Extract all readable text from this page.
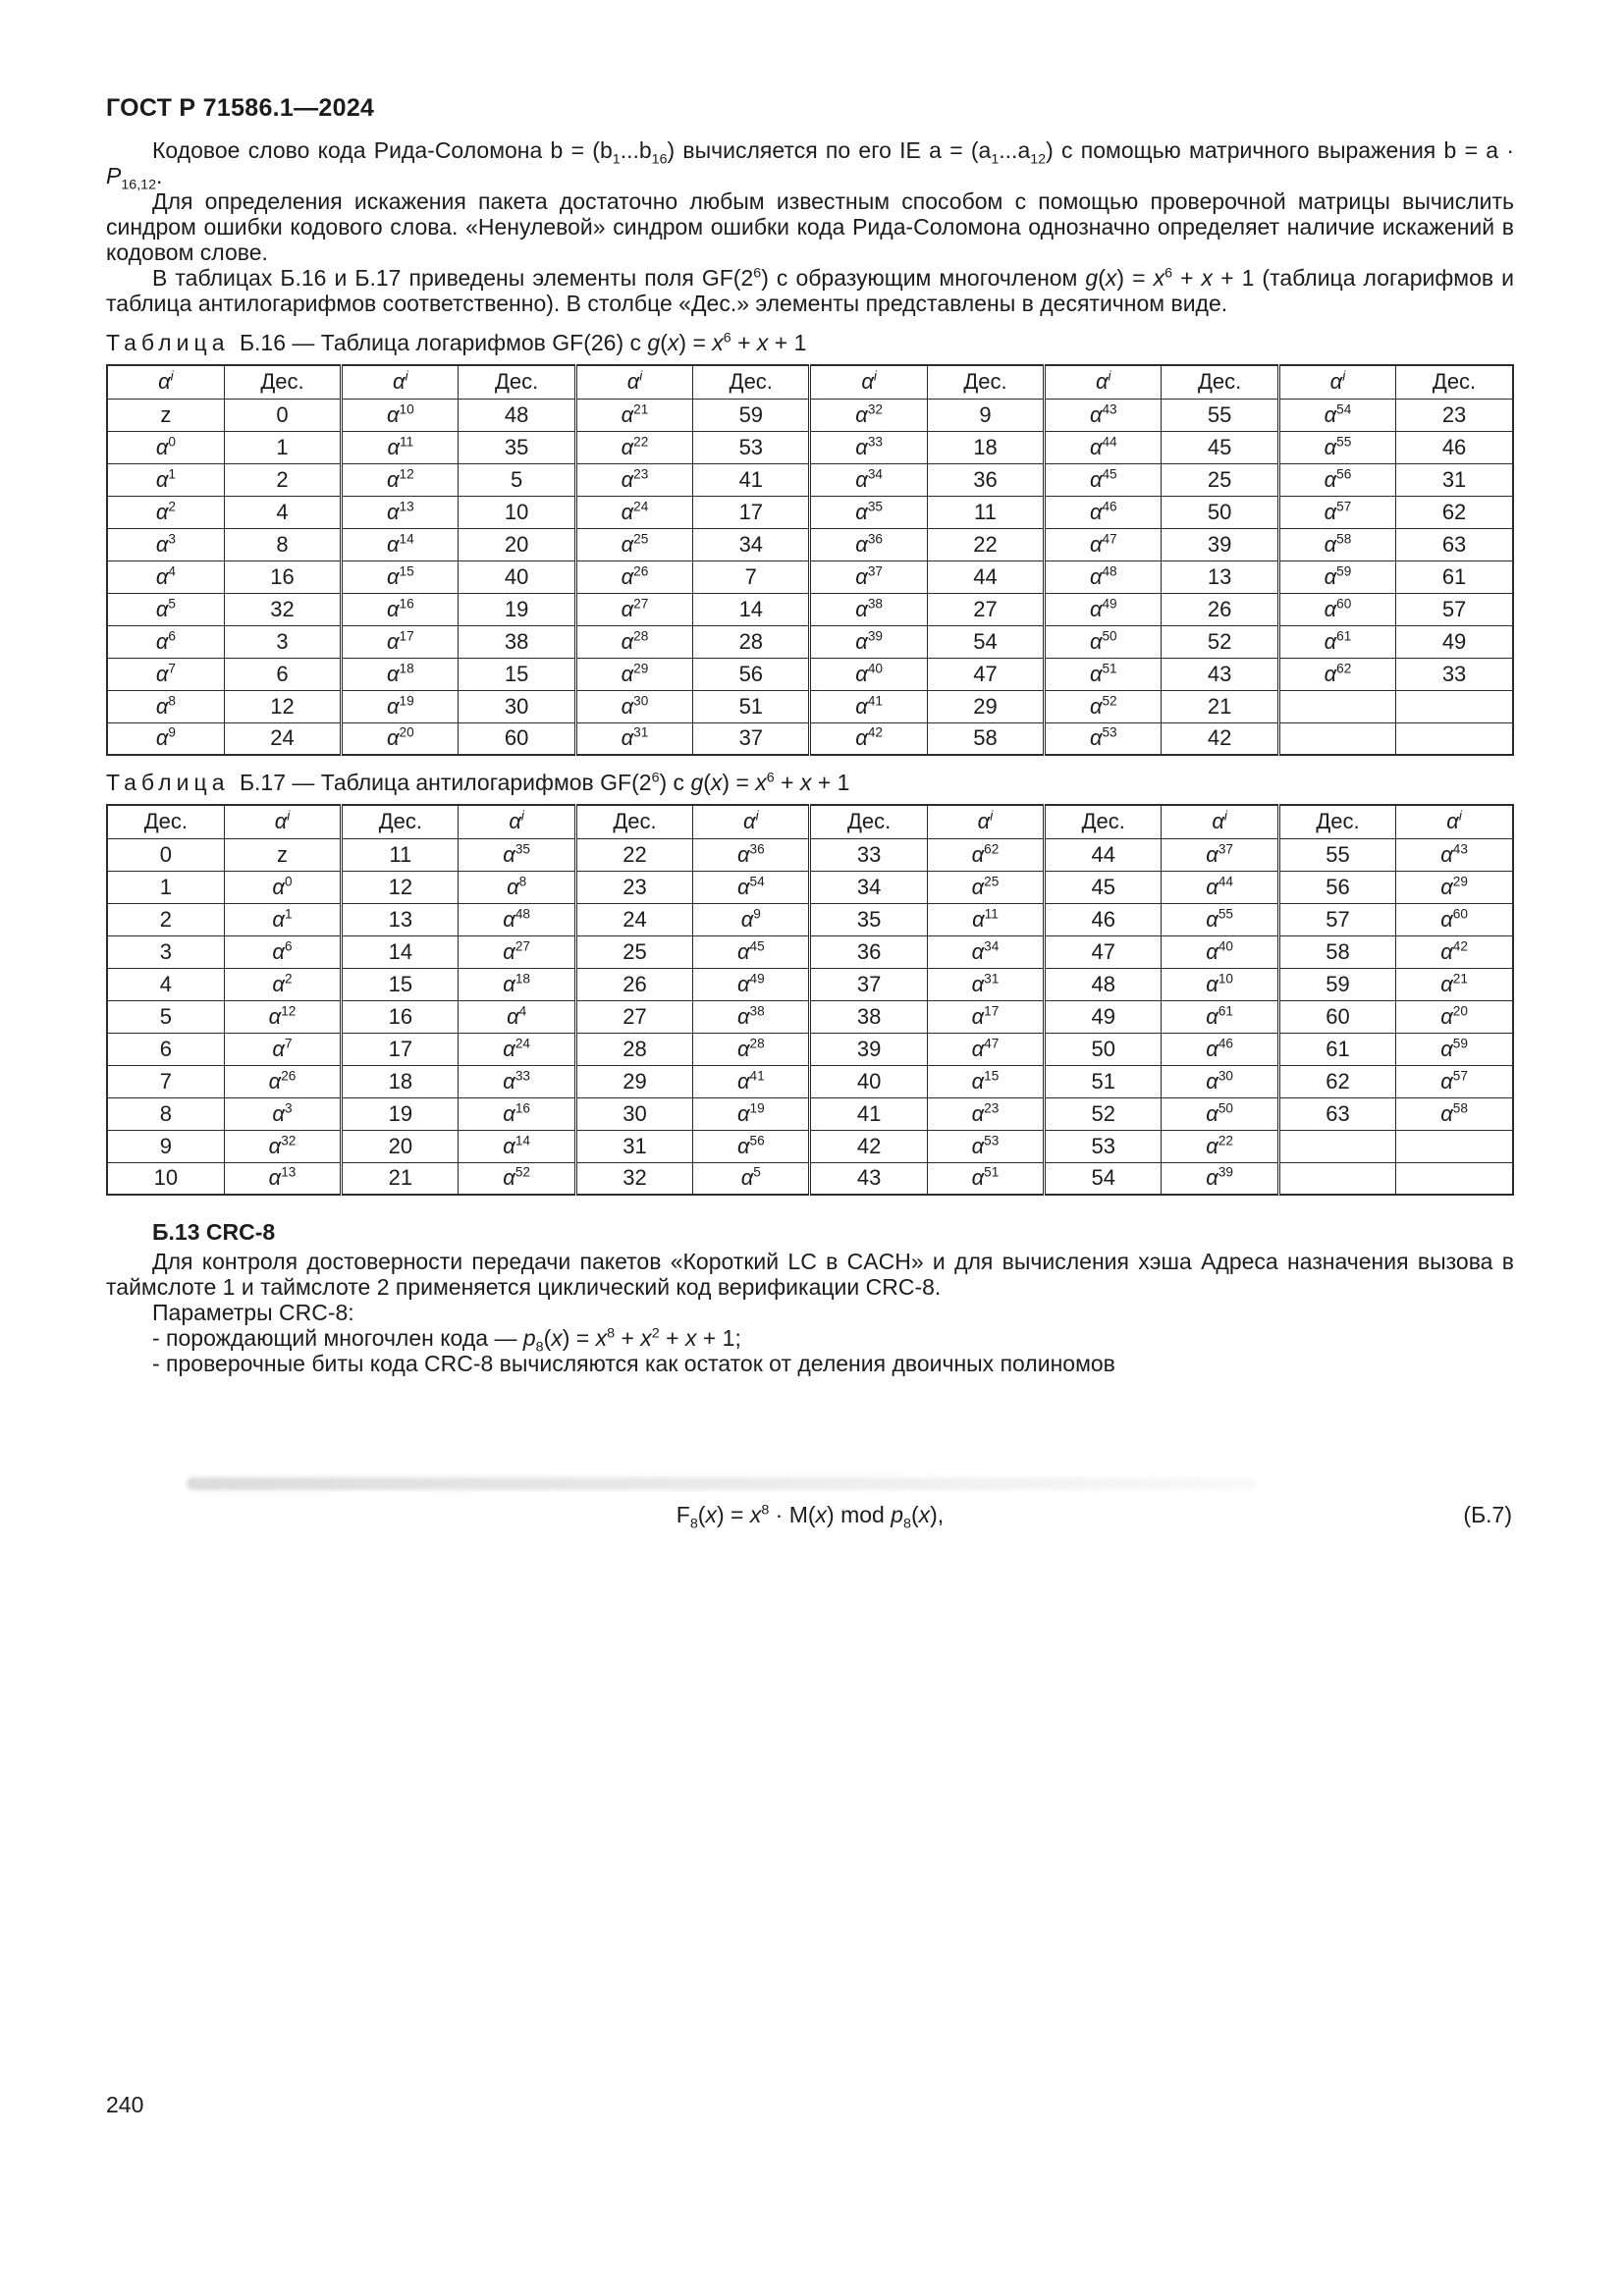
ГОСТ Р 71586.1—2024

Кодовое слово кода Рида-Соломона $b = (b_1...b_{16})$ вычисляется по его IE $a = (a_1...a_{12})$ с помощью матричного выражения $b = a \cdot P_{16,12}$.

Для определения искажения пакета достаточно любым известным способом с помощью проверочной матрицы вычислить синдром ошибки кодового слова. «Ненулевой» синдром ошибки кода Рида-Соломона однозначно определяет наличие искажений в кодовом слове.

В таблицах Б.16 и Б.17 приведены элементы поля $GF(2^6)$ с образующим многочленом $g(x) = x^6 + x + 1$ (таблица логарифмов и таблица антилогарифмов соответственно). В столбце «Дес.» элементы представлены в десятичном виде.

Таблица Б.16 — Таблица логарифмов GF(26) с $g(x) = x^6 + x + 1$

$\alpha^i$	Дес.	$\alpha^i$	Дес.	$\alpha^i$	Дес.	$\alpha^i$	Дес.	$\alpha^i$	Дес.	$\alpha^i$	Дес.
z	0	$\alpha^{10}$	48	$\alpha^{21}$	59	$\alpha^{32}$	9	$\alpha^{43}$	55	$\alpha^{54}$	23
$\alpha^0$	1	$\alpha^{11}$	35	$\alpha^{22}$	53	$\alpha^{33}$	18	$\alpha^{44}$	45	$\alpha^{55}$	46
$\alpha^1$	2	$\alpha^{12}$	5	$\alpha^{23}$	41	$\alpha^{34}$	36	$\alpha^{45}$	25	$\alpha^{56}$	31
$\alpha^2$	4	$\alpha^{13}$	10	$\alpha^{24}$	17	$\alpha^{35}$	11	$\alpha^{46}$	50	$\alpha^{57}$	62
$\alpha^3$	8	$\alpha^{14}$	20	$\alpha^{25}$	34	$\alpha^{36}$	22	$\alpha^{47}$	39	$\alpha^{58}$	63
$\alpha^4$	16	$\alpha^{15}$	40	$\alpha^{26}$	7	$\alpha^{37}$	44	$\alpha^{48}$	13	$\alpha^{59}$	61
$\alpha^5$	32	$\alpha^{16}$	19	$\alpha^{27}$	14	$\alpha^{38}$	27	$\alpha^{49}$	26	$\alpha^{60}$	57
$\alpha^6$	3	$\alpha^{17}$	38	$\alpha^{28}$	28	$\alpha^{39}$	54	$\alpha^{50}$	52	$\alpha^{61}$	49
$\alpha^7$	6	$\alpha^{18}$	15	$\alpha^{29}$	56	$\alpha^{40}$	47	$\alpha^{51}$	43	$\alpha^{62}$	33
$\alpha^8$	12	$\alpha^{19}$	30	$\alpha^{30}$	51	$\alpha^{41}$	29	$\alpha^{52}$	21		
$\alpha^9$	24	$\alpha^{20}$	60	$\alpha^{31}$	37	$\alpha^{42}$	58	$\alpha^{53}$	42		

Таблица Б.17 — Таблица антилогарифмов $GF(2^6)$ с $g(x) = x^6 + x + 1$

Дес.	$\alpha^i$	Дес.	$\alpha^i$	Дес.	$\alpha^i$	Дес.	$\alpha^i$	Дес.	$\alpha^i$	Дес.	$\alpha^i$
0	z	11	$\alpha^{35}$	22	$\alpha^{36}$	33	$\alpha^{62}$	44	$\alpha^{37}$	55	$\alpha^{43}$
1	$\alpha^0$	12	$\alpha^8$	23	$\alpha^{54}$	34	$\alpha^{25}$	45	$\alpha^{44}$	56	$\alpha^{29}$
2	$\alpha^1$	13	$\alpha^{48}$	24	$\alpha^9$	35	$\alpha^{11}$	46	$\alpha^{55}$	57	$\alpha^{60}$
3	$\alpha^6$	14	$\alpha^{27}$	25	$\alpha^{45}$	36	$\alpha^{34}$	47	$\alpha^{40}$	58	$\alpha^{42}$
4	$\alpha^2$	15	$\alpha^{18}$	26	$\alpha^{49}$	37	$\alpha^{31}$	48	$\alpha^{10}$	59	$\alpha^{21}$
5	$\alpha^{12}$	16	$\alpha^4$	27	$\alpha^{38}$	38	$\alpha^{17}$	49	$\alpha^{61}$	60	$\alpha^{20}$
6	$\alpha^7$	17	$\alpha^{24}$	28	$\alpha^{28}$	39	$\alpha^{47}$	50	$\alpha^{46}$	61	$\alpha^{59}$
7	$\alpha^{26}$	18	$\alpha^{33}$	29	$\alpha^{41}$	40	$\alpha^{15}$	51	$\alpha^{30}$	62	$\alpha^{57}$
8	$\alpha^3$	19	$\alpha^{16}$	30	$\alpha^{19}$	41	$\alpha^{23}$	52	$\alpha^{50}$	63	$\alpha^{58}$
9	$\alpha^{32}$	20	$\alpha^{14}$	31	$\alpha^{56}$	42	$\alpha^{53}$	53	$\alpha^{22}$		
10	$\alpha^{13}$	21	$\alpha^{52}$	32	$\alpha^5$	43	$\alpha^{51}$	54	$\alpha^{39}$		
Б.13 CRC-8

Для контроля достоверности передачи пакетов «Короткий LC в CACH» и для вычисления хэша Адреса назначения вызова в таймслоте 1 и таймслоте 2 применяется циклический код верификации CRC-8.

Параметры CRC-8:

- порождающий многочлен кода — $p_8(x) = x^8 + x^2 + x + 1$;

- проверочные биты кода CRC-8 вычисляются как остаток от деления двоичных полиномов

$F_8(x) = x^8 \cdot M(x)$ mod $p_8(x)$,	(Б.7)
240
